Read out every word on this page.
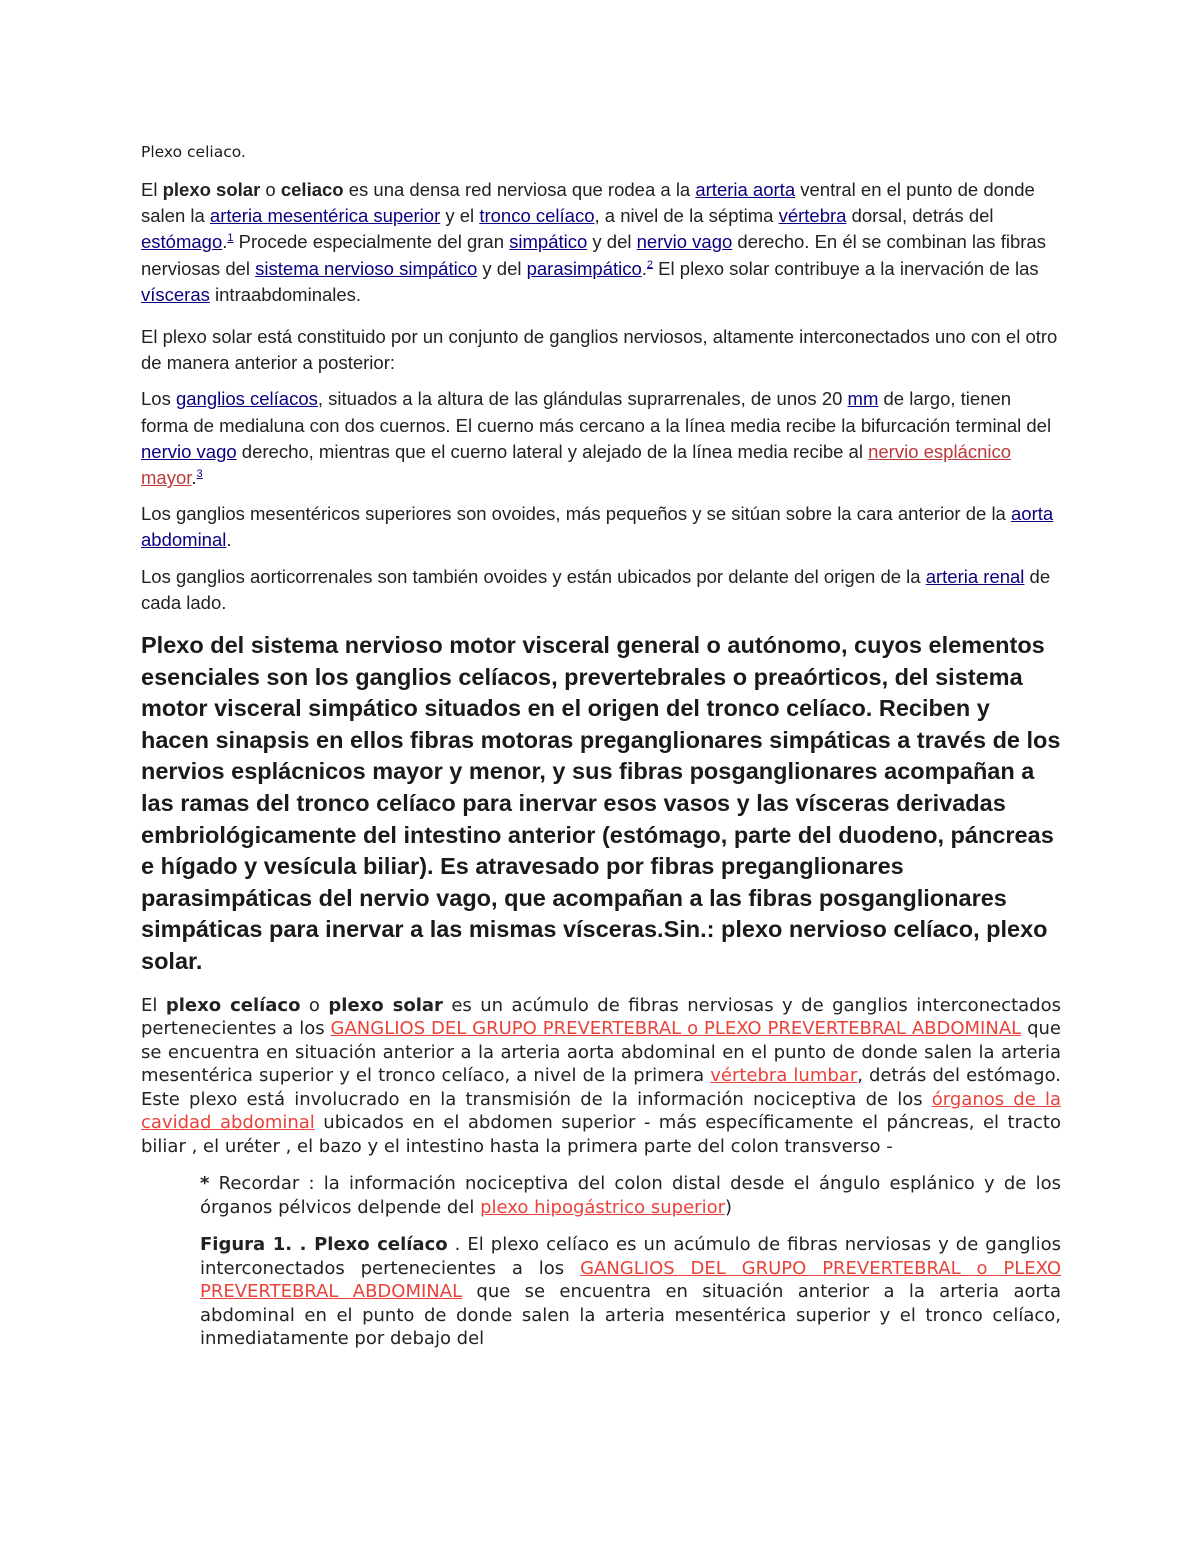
Plexo celiaco.

El plexo solar o celiaco es una densa red nerviosa que rodea a la arteria aorta ventral en el punto de donde salen la arteria mesentérica superior y el tronco celíaco, a nivel de la séptima vértebra dorsal, detrás del estómago.$^1$ Procede especialmente del gran simpático y del nervio vago derecho. En él se combinan las fibras nerviosas del sistema nervioso simpático y del parasimpático.$^2$ El plexo solar contribuye a la inervación de las vísceras intraabdominales.

El plexo solar está constituido por un conjunto de ganglios nerviosos, altamente interconectados uno con el otro de manera anterior a posterior:

Los ganglios celíacos, situados a la altura de las glándulas suprarrenales, de unos 20 mm de largo, tienen forma de medialuna con dos cuernos. El cuerno más cercano a la línea media recibe la bifurcación terminal del nervio vago derecho, mientras que el cuerno lateral y alejado de la línea media recibe al nervio esplácnico mayor.$^3$

Los ganglios mesentéricos superiores son ovoides, más pequeños y se sitúan sobre la cara anterior de la aorta abdominal.

Los ganglios aorticorrenales son también ovoides y están ubicados por delante del origen de la arteria renal de cada lado.

Plexo del sistema nervioso motor visceral general o autónomo, cuyos elementos esenciales son los ganglios celíacos, prevertebrales o preaórticos, del sistema motor visceral simpático situados en el origen del tronco celíaco. Reciben y hacen sinapsis en ellos fibras motoras preganglionares simpáticas a través de los nervios esplácnicos mayor y menor, y sus fibras posganglionares acompañan a las ramas del tronco celíaco para inervar esos vasos y las vísceras derivadas embriológicamente del intestino anterior (estómago, parte del duodeno, páncreas e hígado y vesícula biliar). Es atravesado por fibras preganglionares parasimpáticas del nervio vago, que acompañan a las fibras posganglionares simpáticas para inervar a las mismas vísceras.Sin.: plexo nervioso celíaco, plexo solar.

El plexo celíaco o plexo solar es un acúmulo de fibras nerviosas y de ganglios interconectados pertenecientes a los GANGLIOS DEL GRUPO PREVERTEBRAL o PLEXO PREVERTEBRAL ABDOMINAL que se encuentra en situación anterior a la arteria aorta abdominal en el punto de donde salen la arteria mesentérica superior y el tronco celíaco, a nivel de la primera vértebra lumbar, detrás del estómago. Este plexo está involucrado en la transmisión de la información nociceptiva de los órganos de la cavidad abdominal ubicados en el abdomen superior - más específicamente el páncreas, el tracto biliar , el uréter , el bazo y el intestino hasta la primera parte del colon transverso -

* Recordar : la información nociceptiva del colon distal desde el ángulo esplánico y de los órganos pélvicos delpende del plexo hipogástrico superior)

Figura 1. . Plexo celíaco . El plexo celíaco es un acúmulo de fibras nerviosas y de ganglios interconectados pertenecientes a los GANGLIOS DEL GRUPO PREVERTEBRAL o PLEXO PREVERTEBRAL ABDOMINAL que se encuentra en situación anterior a la arteria aorta abdominal en el punto de donde salen la arteria mesentérica superior y el tronco celíaco, inmediatamente por debajo del
